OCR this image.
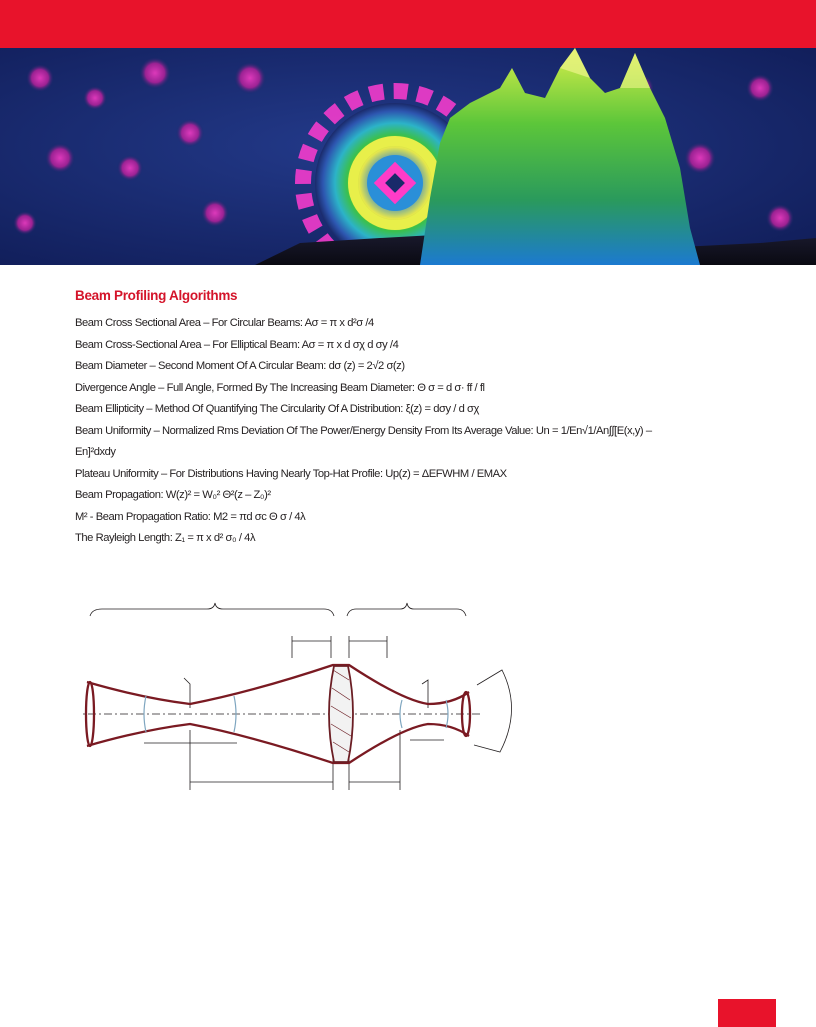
Beam Profiling Algorithms
Beam Cross Sectional Area – For Circular Beams: Aσ = π x d²σ /4
Beam Cross-Sectional Area – For Elliptical Beam: Aσ = π x d σχ d σy /4
Beam Diameter – Second Moment Of A Circular Beam: dσ (z) = 2√2 σ(z)
Divergence Angle – Full Angle, Formed By The Increasing Beam Diameter: Θ σ = d σ· ff / fl
Beam Ellipticity – Method Of Quantifying The Circularity Of A Distribution: ξ(z) = dσy / d σχ
Beam Uniformity – Normalized Rms Deviation Of The Power/Energy Density From Its Average Value: Un = 1/En√1/An∫∫[E(x,y) –
En]²dxdy
Plateau Uniformity – For Distributions Having Nearly Top-Hat Profile: Up(z) = ΔEFWHM / EMAX
Beam Propagation: W(z)² = W₀² Θ²(z – Z₀)²
M² - Beam Propagation Ratio: M2 = πd σc Θ σ / 4λ
The Rayleigh Length: Z₁ = π x d² σ₀ / 4λ
